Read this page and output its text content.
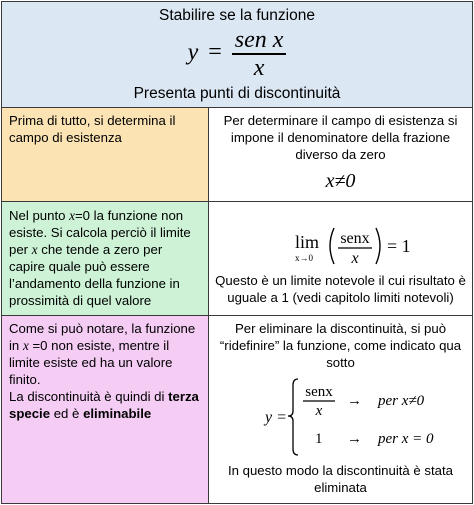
Stabilire se la funzione
$y = \frac{\text{sen x}}{x}$
Presenta punti di discontinuità
Prima di tutto, si determina il campo di esistenza
Per determinare il campo di esistenza si impone il denominatore della frazione diverso da zero
x≠0
Nel punto x=0 la funzione non esiste. Si calcola perciò il limite per x che tende a zero per capire quale può essere l’andamento della funzione in prossimità di quel valore
lim
x→0
senx
x
= 1
Questo è un limite notevole il cui risultato è uguale a 1 (vedi capitolo limiti notevoli)
Come si può notare, la funzione in x =0 non esiste, mentre il limite esiste ed ha un valore finito.
La discontinuità è quindi di terza specie ed è eliminabile
Per eliminare la discontinuità, si può “ridefinire” la funzione, come indicato qua sotto
y =
senx
x
→ per x≠0
1 → per x = 0
In questo modo la discontinuità è stata eliminata
